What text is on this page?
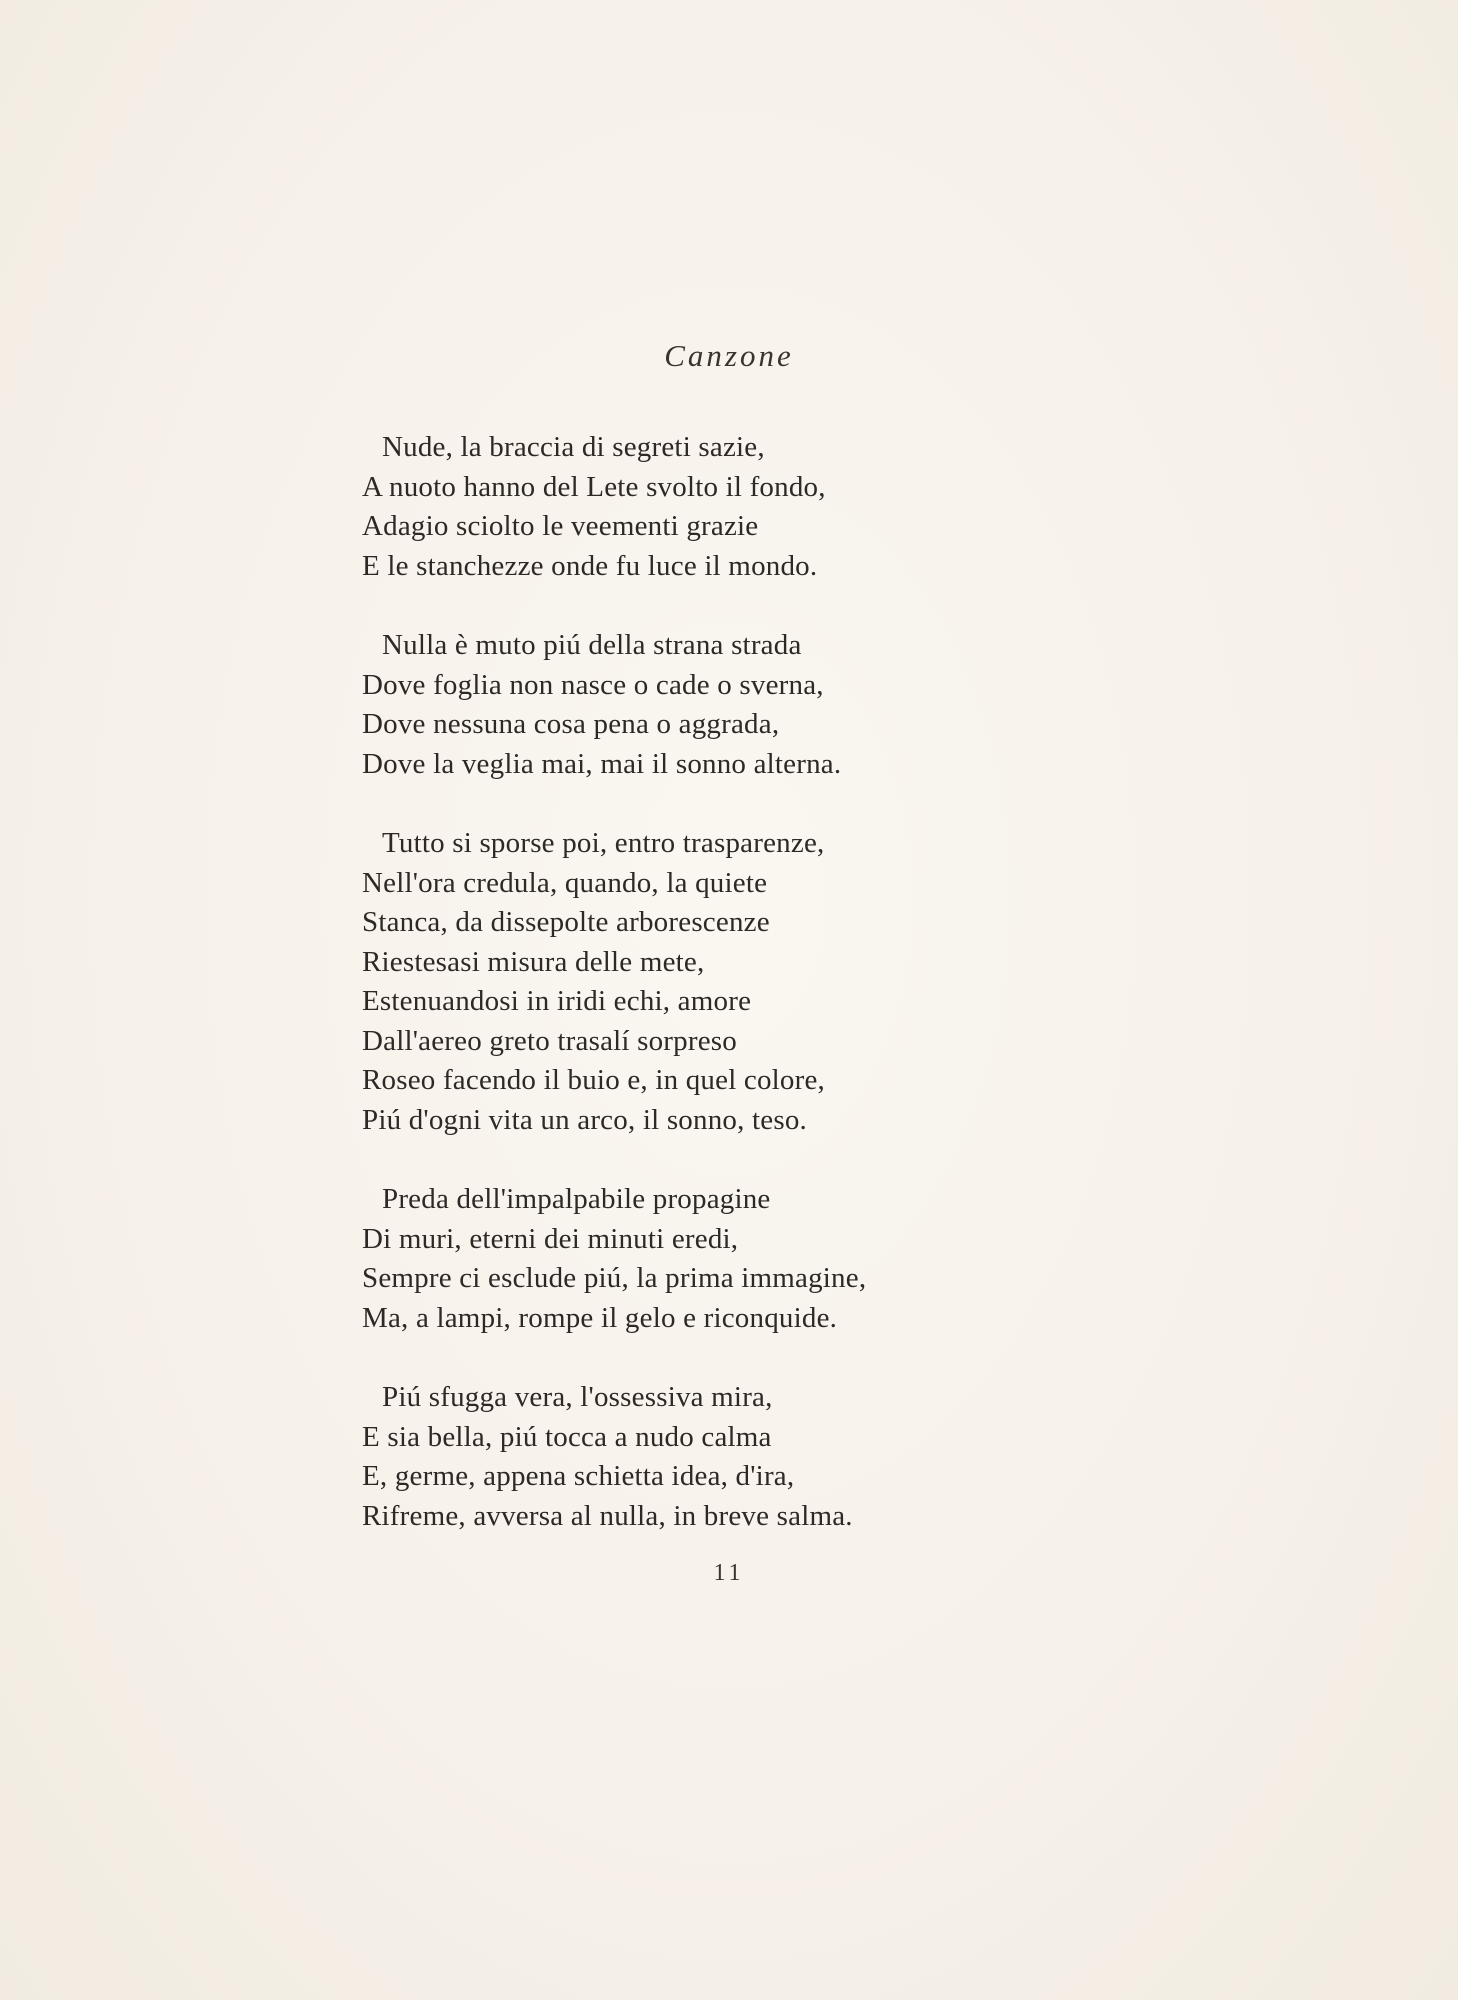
Canzone
Nude, la braccia di segreti sazie,
A nuoto hanno del Lete svolto il fondo,
Adagio sciolto le veementi grazie
E le stanchezze onde fu luce il mondo.
Nulla è muto piú della strana strada
Dove foglia non nasce o cade o sverna,
Dove nessuna cosa pena o aggrada,
Dove la veglia mai, mai il sonno alterna.
Tutto si sporse poi, entro trasparenze,
Nell'ora credula, quando, la quiete
Stanca, da dissepolte arborescenze
Riestesasi misura delle mete,
Estenuandosi in iridi echi, amore
Dall'aereo greto trasalí sorpreso
Roseo facendo il buio e, in quel colore,
Piú d'ogni vita un arco, il sonno, teso.
Preda dell'impalpabile propagine
Di muri, eterni dei minuti eredi,
Sempre ci esclude piú, la prima immagine,
Ma, a lampi, rompe il gelo e riconquide.
Piú sfugga vera, l'ossessiva mira,
E sia bella, piú tocca a nudo calma
E, germe, appena schietta idea, d'ira,
Rifreme, avversa al nulla, in breve salma.
11
